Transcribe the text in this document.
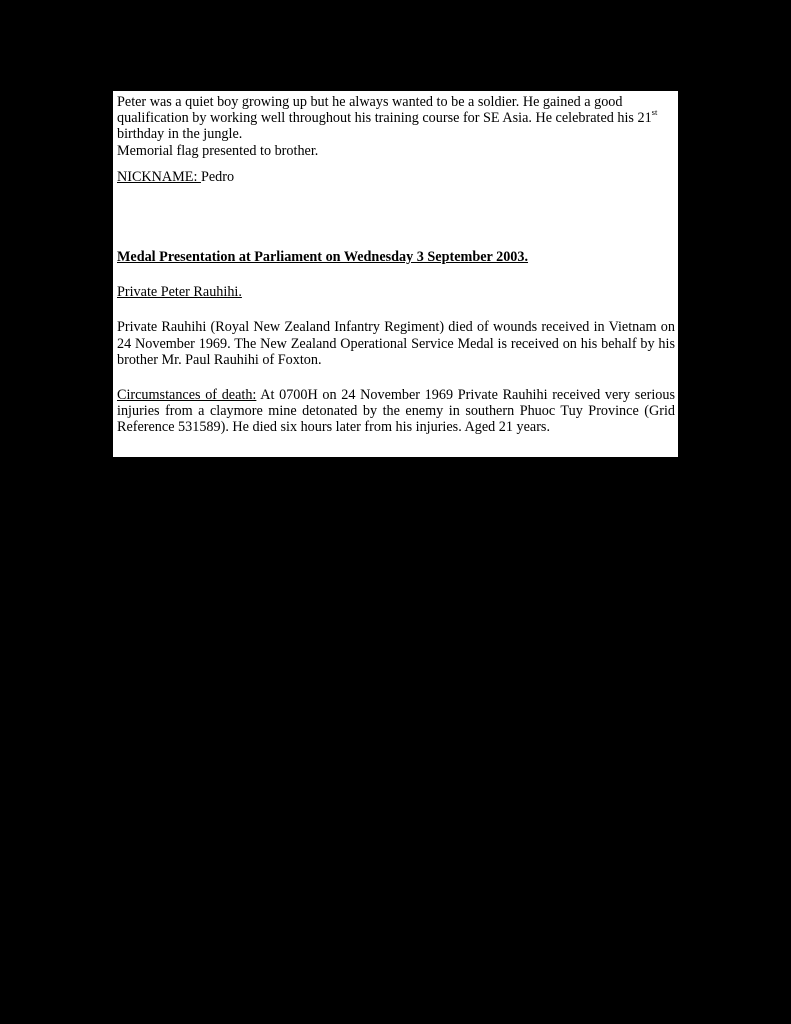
Peter was a quiet boy growing up but he always wanted to be a soldier. He gained a good qualification by working well throughout his training course for SE Asia. He celebrated his 21st birthday in the jungle.

Memorial flag presented to brother.

NICKNAME: Pedro

Medal Presentation at Parliament on Wednesday 3 September 2003.

Private Peter Rauhihi.

Private Rauhihi (Royal New Zealand Infantry Regiment) died of wounds received in Vietnam on 24 November 1969. The New Zealand Operational Service Medal is received on his behalf by his brother Mr. Paul Rauhihi of Foxton.

Circumstances of death: At 0700H on 24 November 1969 Private Rauhihi received very serious injuries from a claymore mine detonated by the enemy in southern Phuoc Tuy Province (Grid Reference 531589). He died six hours later from his injuries. Aged 21 years.
